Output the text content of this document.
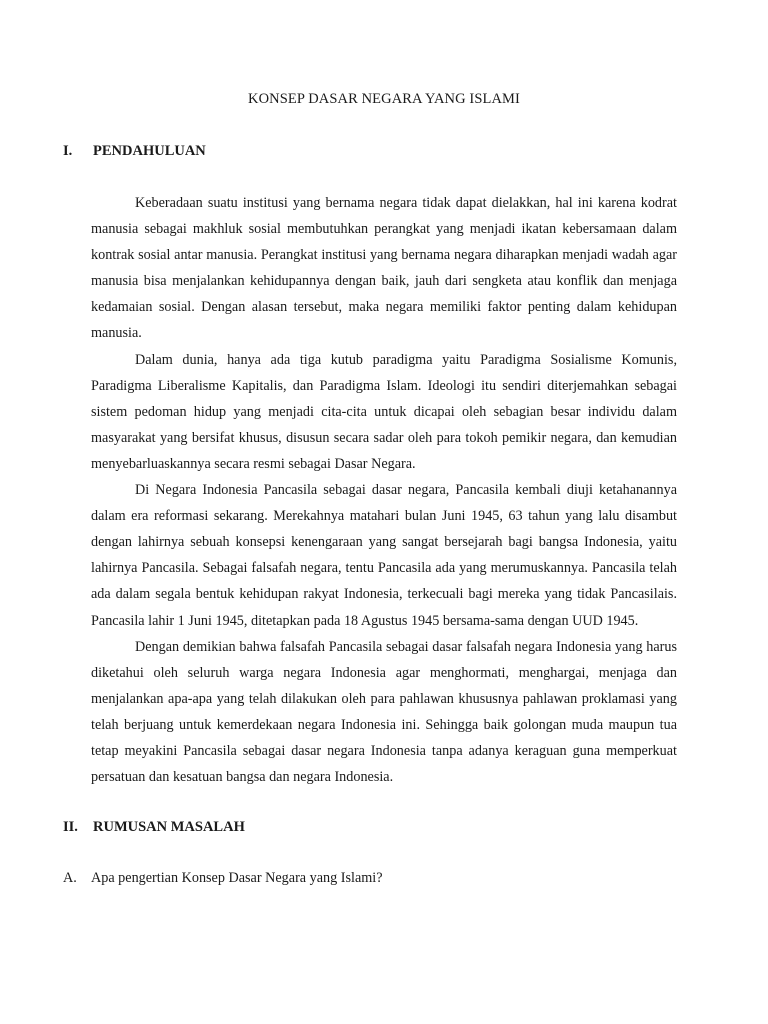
KONSEP DASAR NEGARA YANG ISLAMI
I. PENDAHULUAN

Keberadaan suatu institusi yang bernama negara tidak dapat dielakkan, hal ini karena kodrat manusia sebagai makhluk sosial membutuhkan perangkat yang menjadi ikatan kebersamaan dalam kontrak sosial antar manusia. Perangkat institusi yang bernama negara diharapkan menjadi wadah agar manusia bisa menjalankan kehidupannya dengan baik, jauh dari sengketa atau konflik dan menjaga kedamaian sosial. Dengan alasan tersebut, maka negara memiliki faktor penting dalam kehidupan manusia.

Dalam dunia, hanya ada tiga kutub paradigma yaitu Paradigma Sosialisme Komunis, Paradigma Liberalisme Kapitalis, dan Paradigma Islam. Ideologi itu sendiri diterjemahkan sebagai sistem pedoman hidup yang menjadi cita-cita untuk dicapai oleh sebagian besar individu dalam masyarakat yang bersifat khusus, disusun secara sadar oleh para tokoh pemikir negara, dan kemudian menyebarluaskannya secara resmi sebagai Dasar Negara.

Di Negara Indonesia Pancasila sebagai dasar negara, Pancasila kembali diuji ketahanannya dalam era reformasi sekarang. Merekahnya matahari bulan Juni 1945, 63 tahun yang lalu disambut dengan lahirnya sebuah konsepsi kenengaraan yang sangat bersejarah bagi bangsa Indonesia, yaitu lahirnya Pancasila. Sebagai falsafah negara, tentu Pancasila ada yang merumuskannya. Pancasila telah ada dalam segala bentuk kehidupan rakyat Indonesia, terkecuali bagi mereka yang tidak Pancasilais. Pancasila lahir 1 Juni 1945, ditetapkan pada 18 Agustus 1945 bersama-sama dengan UUD 1945.

Dengan demikian bahwa falsafah Pancasila sebagai dasar falsafah negara Indonesia yang harus diketahui oleh seluruh warga negara Indonesia agar menghormati, menghargai, menjaga dan menjalankan apa-apa yang telah dilakukan oleh para pahlawan khususnya pahlawan proklamasi yang telah berjuang untuk kemerdekaan negara Indonesia ini. Sehingga baik golongan muda maupun tua tetap meyakini Pancasila sebagai dasar negara Indonesia tanpa adanya keraguan guna memperkuat persatuan dan kesatuan bangsa dan negara Indonesia.

II. RUMUSAN MASALAH
A. Apa pengertian Konsep Dasar Negara yang Islami?
